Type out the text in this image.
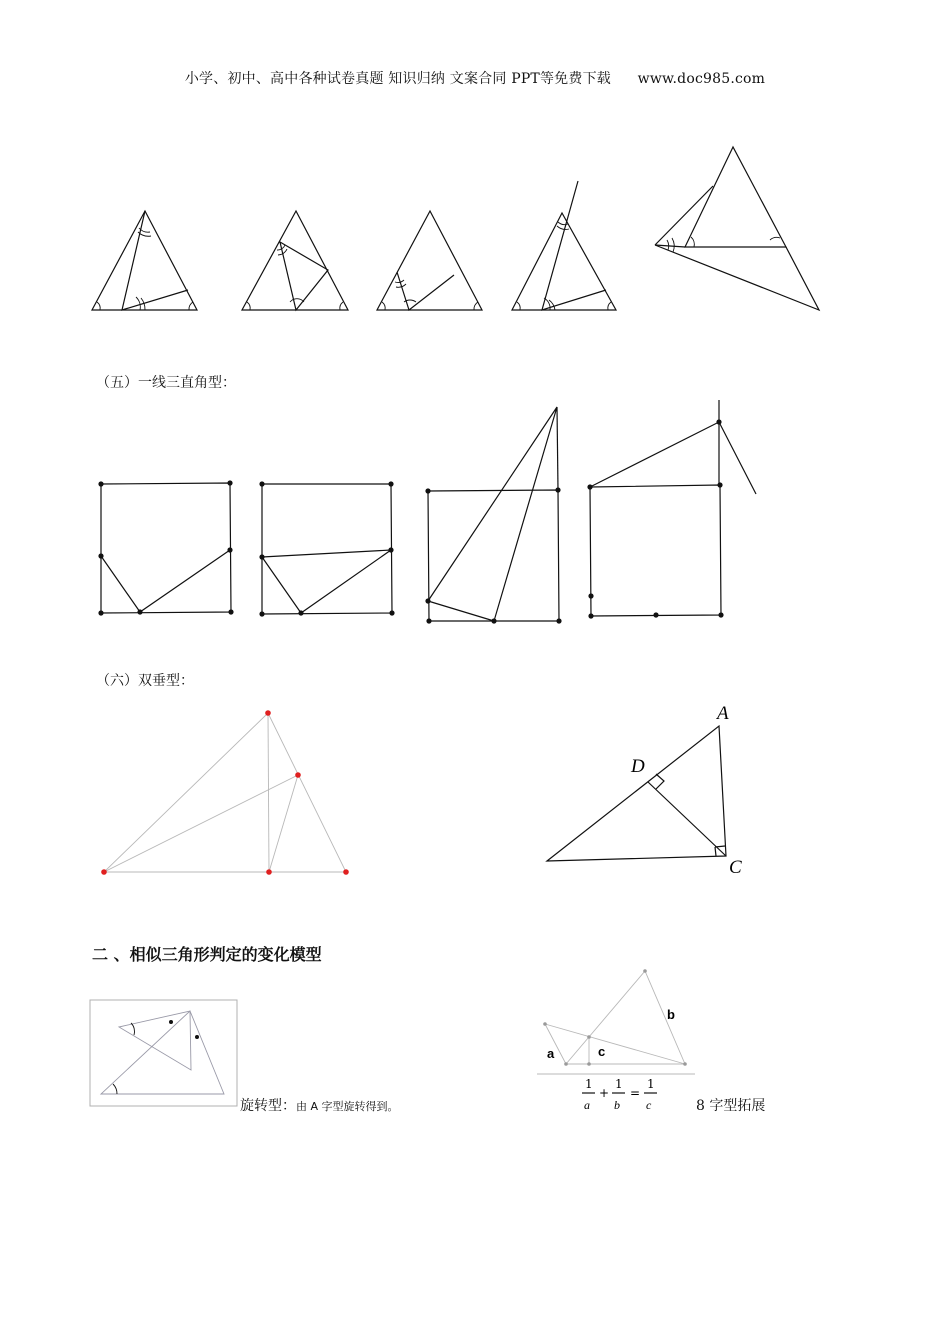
小学、初中、高中各种试卷真题 知识归纳 文案合同 PPT等免费下载 www.doc985.com
（五）一线三直角型：
（六）双垂型：
二 、相似三角形判定的变化模型
旋转型：由 A 字型旋转得到。	8 字型拓展
A
D
C
a	c
b
1
a
+
1
b
=
1
c
